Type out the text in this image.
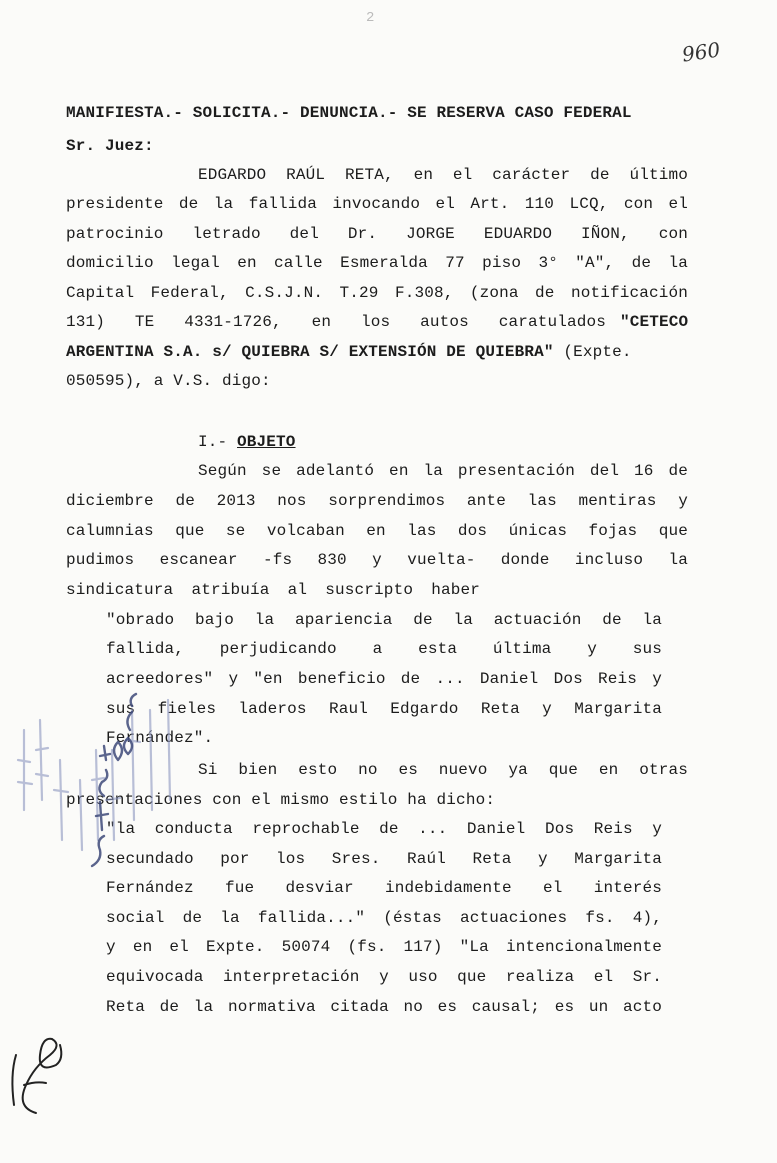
2
960
MANIFIESTA.- SOLICITA.- DENUNCIA.- SE RESERVA CASO FEDERAL
Sr. Juez:
EDGARDO RAÚL RETA, en el carácter de último
presidente de la fallida invocando el Art. 110 LCQ, con el
patrocinio letrado del Dr. JORGE EDUARDO IÑON, con
domicilio legal en calle Esmeralda 77 piso 3° "A", de la
Capital Federal, C.S.J.N. T.29 F.308, (zona de notificación
131) TE 4331-1726, en los autos caratulados "CETECO
ARGENTINA S.A. s/ QUIEBRA S/ EXTENSIÓN DE QUIEBRA" (Expte.
050595), a V.S. digo:
I.- OBJETO
Según se adelantó en la presentación del 16 de
diciembre de 2013 nos sorprendimos ante las mentiras y
calumnias que se volcaban en las dos únicas fojas que
pudimos escanear -fs 830 y vuelta- donde incluso la
sindicatura atribuía al suscripto haber
"obrado bajo la apariencia de la actuación de la
fallida, perjudicando a esta última y sus
acreedores" y "en beneficio de ... Daniel Dos Reis y
sus fieles laderos Raul Edgardo Reta y Margarita
Fernández".
Si bien esto no es nuevo ya que en otras
presentaciones con el mismo estilo ha dicho:
"la conducta reprochable de ... Daniel Dos Reis y
secundado por los Sres. Raúl Reta y Margarita
Fernández fue desviar indebidamente el interés
social de la fallida..." (éstas actuaciones fs. 4),
y en el Expte. 50074 (fs. 117) "La intencionalmente
equivocada interpretación y uso que realiza el Sr.
Reta de la normativa citada no es causal; es un acto
